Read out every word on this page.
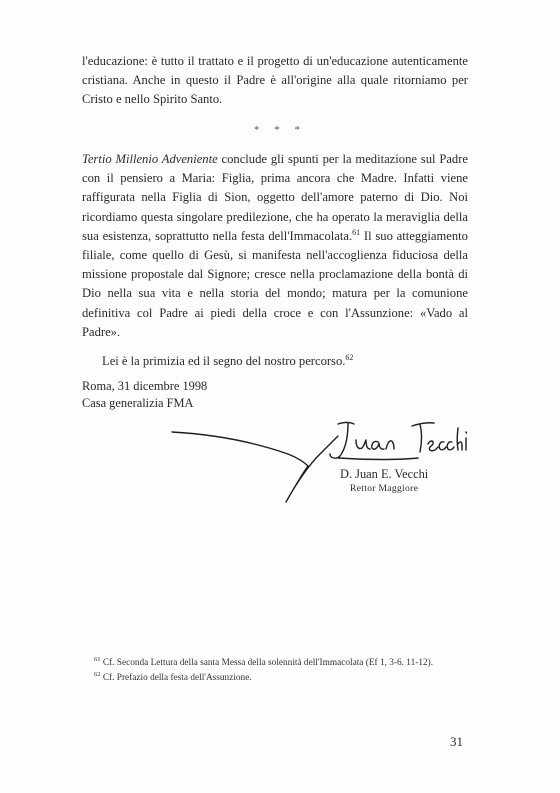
l'educazione: è tutto il trattato e il progetto di un'educazione autenticamente cristiana. Anche in questo il Padre è all'origine alla quale ritorniamo per Cristo e nello Spirito Santo.
* * *
Tertio Millenio Adveniente conclude gli spunti per la meditazione sul Padre con il pensiero a Maria: Figlia, prima ancora che Madre. Infatti viene raffigurata nella Figlia di Sion, oggetto dell'amore paterno di Dio. Noi ricordiamo questa singolare predilezione, che ha operato la meraviglia della sua esistenza, soprattutto nella festa dell'Immacolata.$^{61}$ Il suo atteggiamento filiale, come quello di Gesù, si manifesta nell'accoglienza fiduciosa della missione propostale dal Signore; cresce nella proclamazione della bontà di Dio nella sua vita e nella storia del mondo; matura per la comunione definitiva col Padre ai piedi della croce e con l'Assunzione: «Vado al Padre».
Lei è la primizia ed il segno del nostro percorso.$^{62}$
Roma, 31 dicembre 1998
Casa generalizia FMA
D. Juan E. Vecchi
Rettor Maggiore
$^{61}$ Cf. Seconda Lettura della santa Messa della solennità dell'Immacolata (Ef 1, 3-6. 11-12).
$^{62}$ Cf. Prefazio della festa dell'Assunzione.
31
